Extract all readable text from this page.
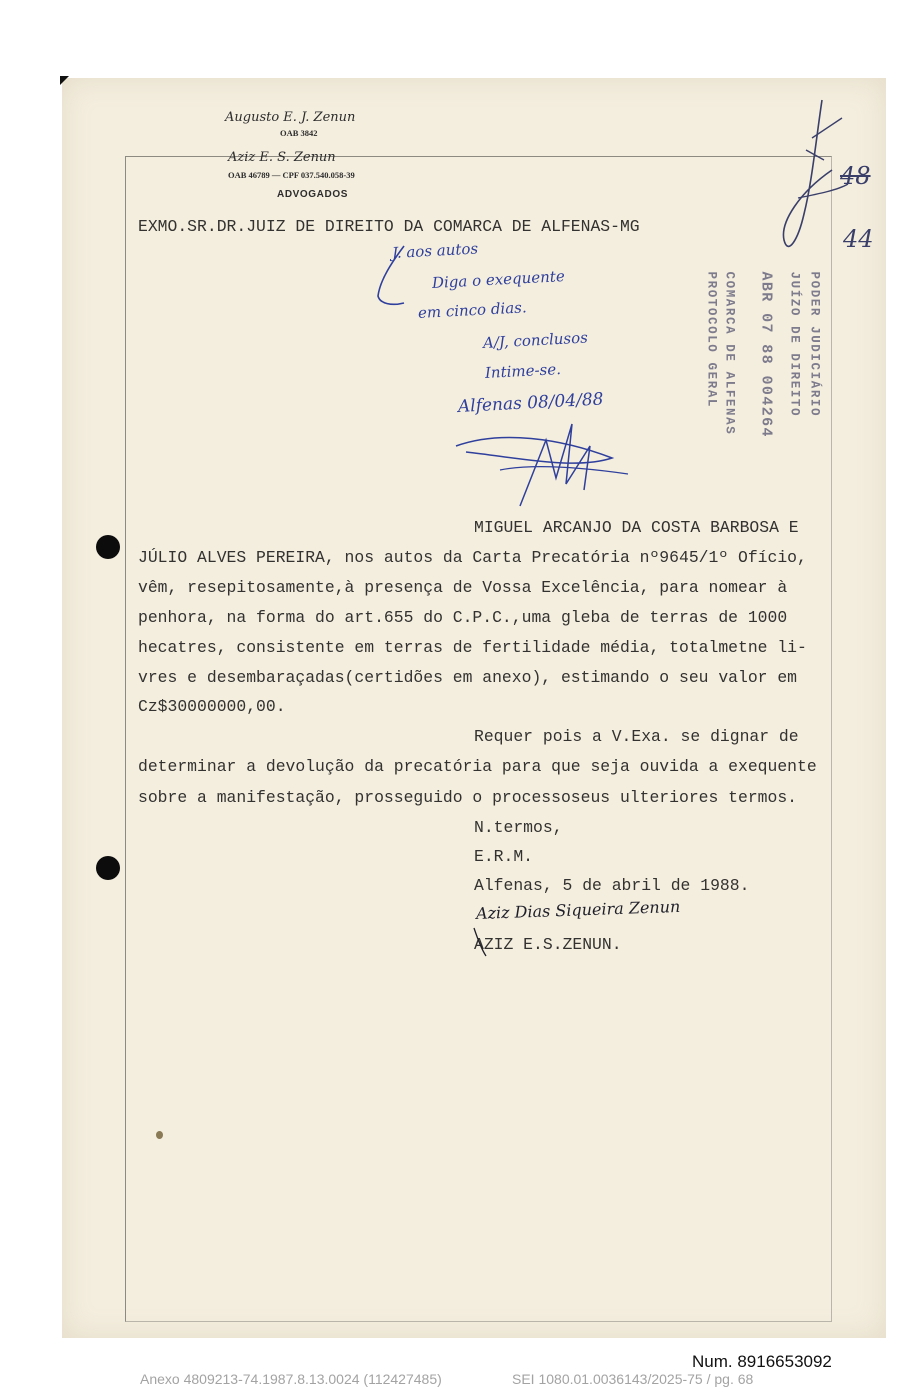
Augusto E. J. Zenun
OAB 3842
Aziz E. S. Zenun
OAB 46789 — CPF 037.540.058-39
ADVOGADOS
EXMO.SR.DR.JUIZ DE DIREITO DA COMARCA DE ALFENAS-MG
J. aos autos
Diga o exequente
em cinco dias.
A/J, conclusos
Intime-se.
Alfenas 08/04/88	PODER JUDICIÁRIO
JUÍZO DE DIREITO
ABR 07 88 004264
COMARCA DE ALFENAS
PROTOCOLO GERAL
48
44
MIGUEL ARCANJO DA COSTA BARBOSA E
JÚLIO ALVES PEREIRA, nos autos da Carta Precatória nº9645/1º Ofício,
vêm, resepitosamente,à presença de Vossa Excelência, para nomear à
penhora, na forma do art.655 do C.P.C.,uma gleba de terras de 1000
hecatres, consistente em terras de fertilidade média, totalmetne li-
vres e desembaraçadas(certidões em anexo), estimando o seu valor em
Cz$30000000,00.
Requer pois a V.Exa. se dignar de
determinar a devolução da precatória para que seja ouvida a exequente
sobre a manifestação, prosseguido o processoseus ulteriores termos.
N.termos,
E.R.M.
Alfenas, 5 de abril de 1988.
Aziz Dias Siqueira Zenun
AZIZ E.S.ZENUN.
Num. 8916653092
Anexo 4809213-74.1987.8.13.0024 (112427485)	SEI 1080.01.0036143/2025-75 / pg. 68
